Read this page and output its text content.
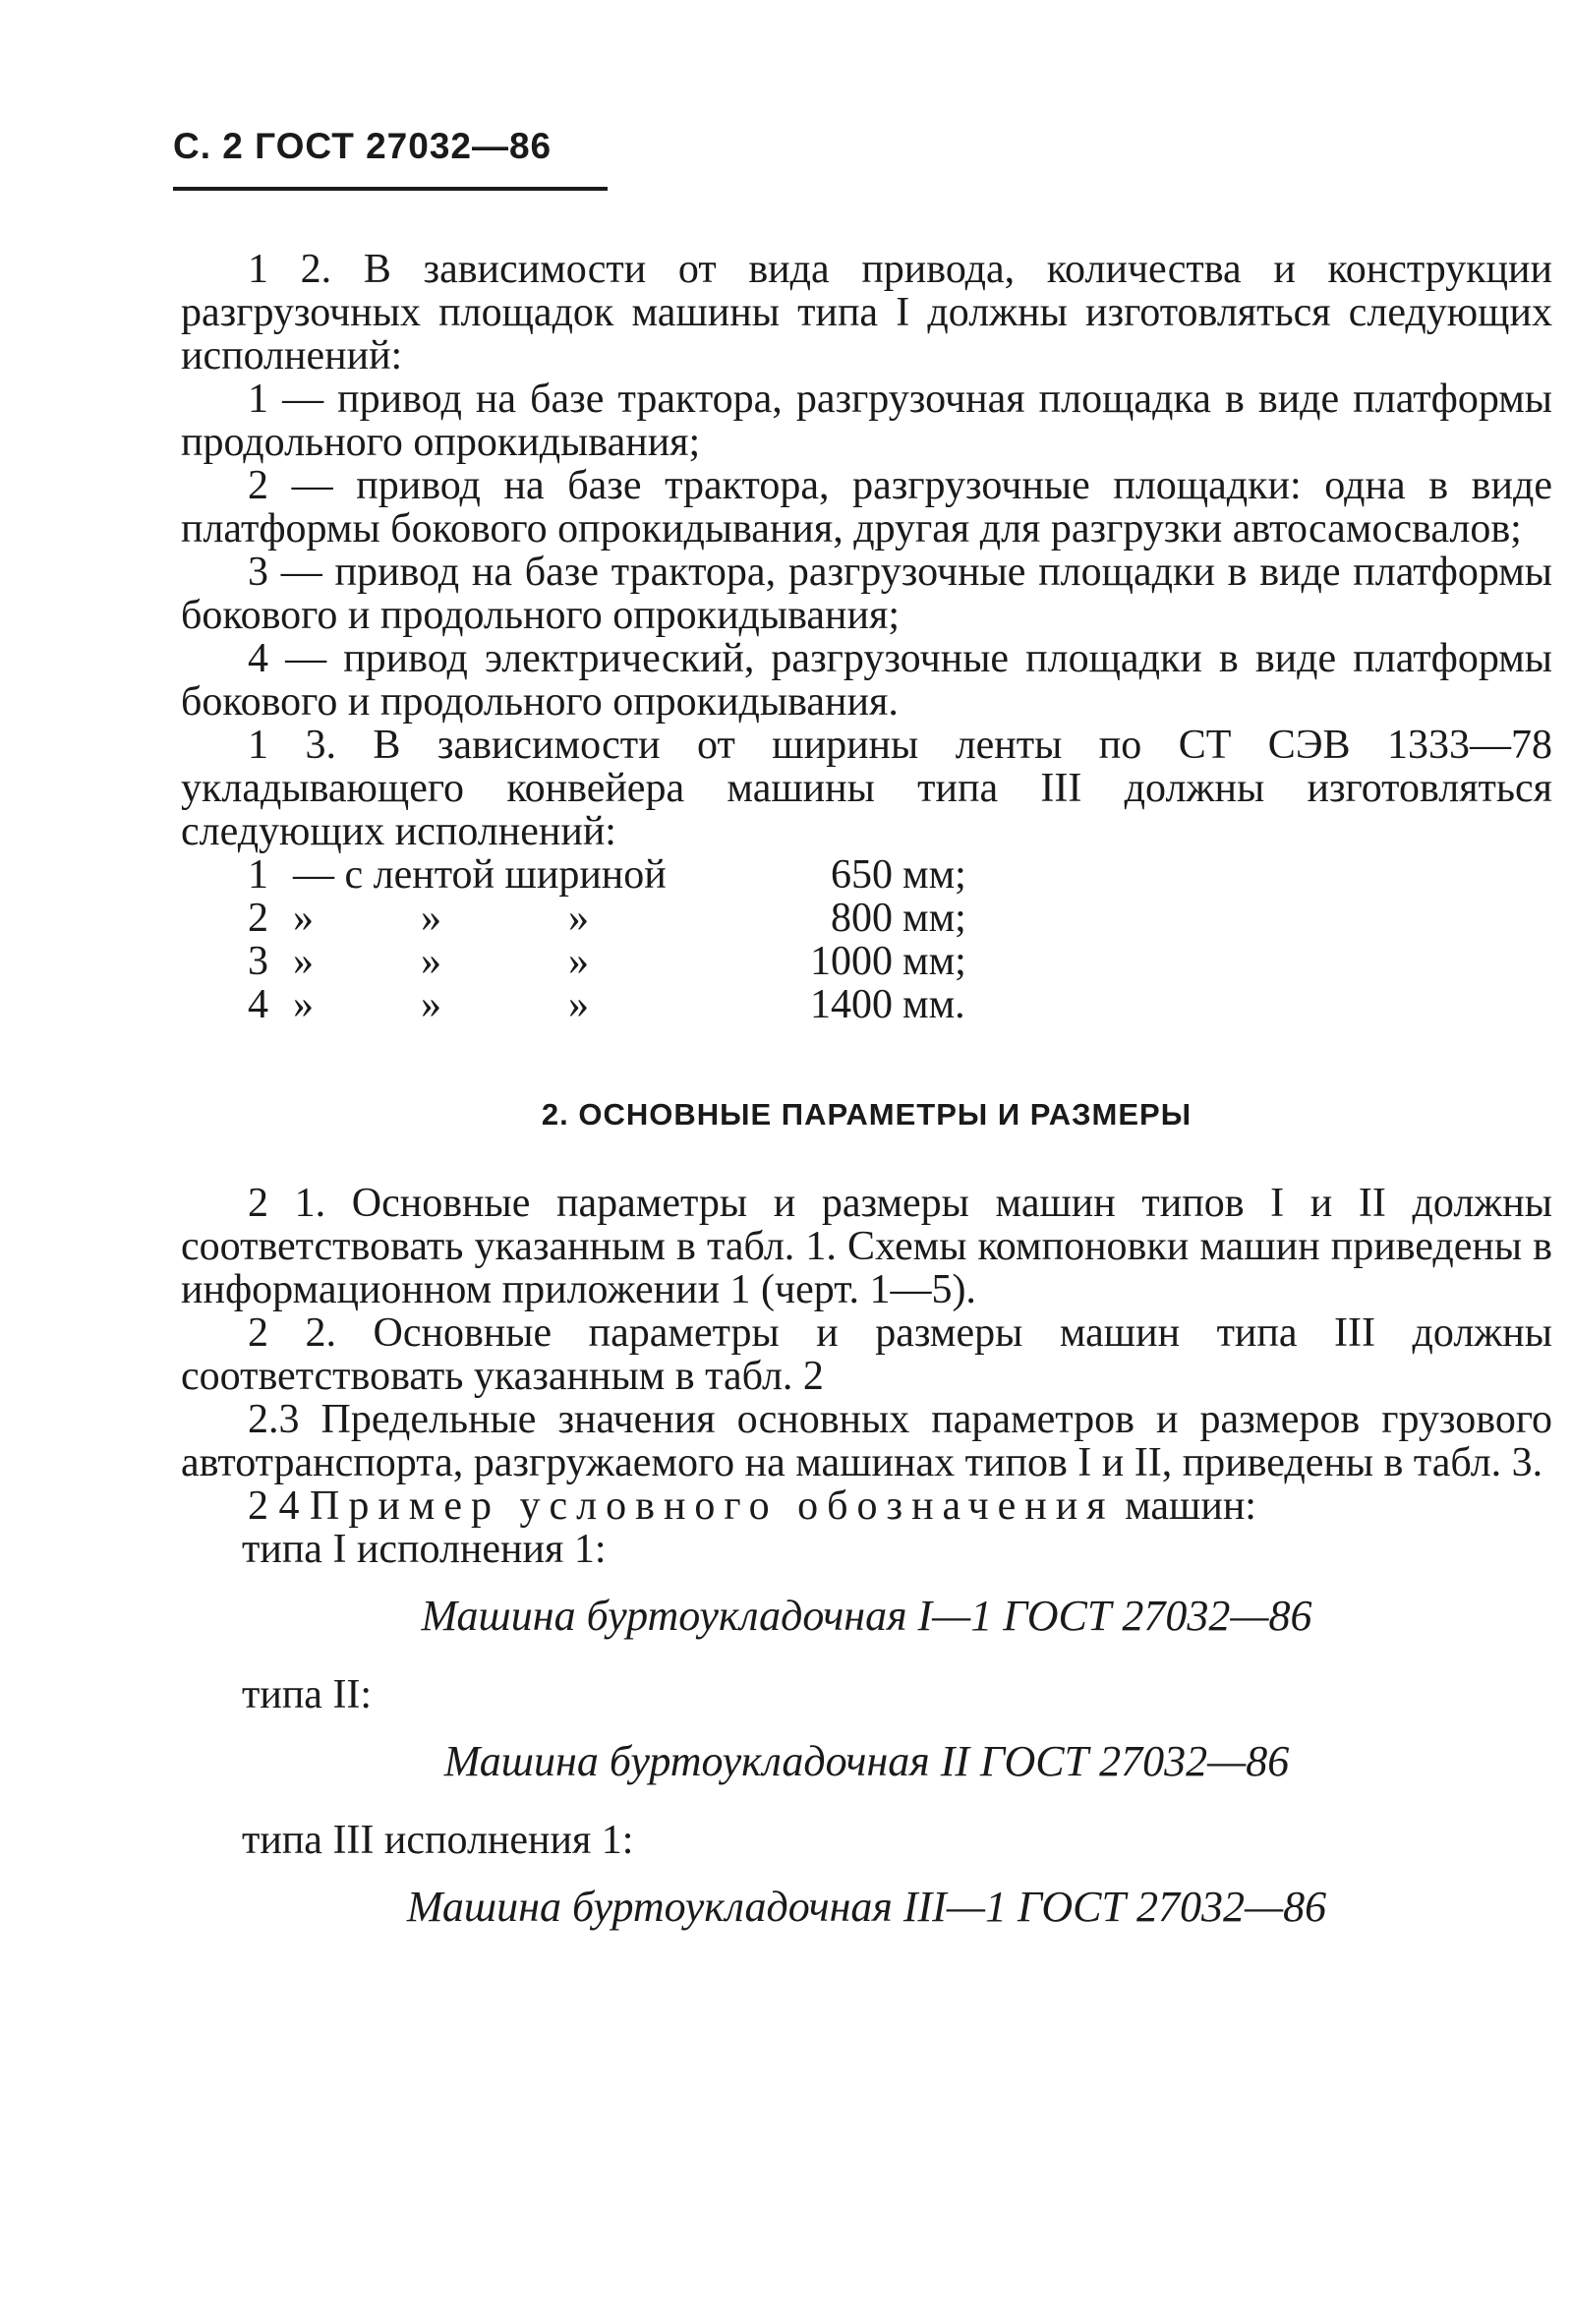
С. 2 ГОСТ 27032—86

1 2. В зависимости от вида привода, количества и конструкции разгрузочных площадок машины типа I должны изготовляться следующих исполнений:

1 — привод на базе трактора, разгрузочная площадка в виде платформы продольного опрокидывания;

2 — привод на базе трактора, разгрузочные площадки: одна в виде платформы бокового опрокидывания, другая для разгрузки автосамосвалов;

3 — привод на базе трактора, разгрузочные площадки в виде платформы бокового и продольного опрокидывания;

4 — привод электрический, разгрузочные площадки в виде платформы бокового и продольного опрокидывания.

1 3. В зависимости от ширины ленты по СТ СЭВ 1333—78 укладывающего конвейера машины типа III должны изготовляться следующих исполнений:

1	— с лентой шириной	650	мм;
2	» » »	800	мм;
3	» » »	1000	мм;
4	» » »	1400	мм.
2. ОСНОВНЫЕ ПАРАМЕТРЫ И РАЗМЕРЫ

2 1. Основные параметры и размеры машин типов I и II должны соответствовать указанным в табл. 1. Схемы компоновки машин приведены в информационном приложении 1 (черт. 1—5).

2 2. Основные параметры и размеры машин типа III должны соответствовать указанным в табл. 2

2.3 Предельные значения основных параметров и размеров грузового автотранспорта, разгружаемого на машинах типов I и II, приведены в табл. 3.

2 4 Пример условного обозначения машин:

типа I исполнения 1:

Машина буртоукладочная I—1 ГОСТ 27032—86

типа II:

Машина буртоукладочная II ГОСТ 27032—86

типа III исполнения 1:

Машина буртоукладочная III—1 ГОСТ 27032—86
